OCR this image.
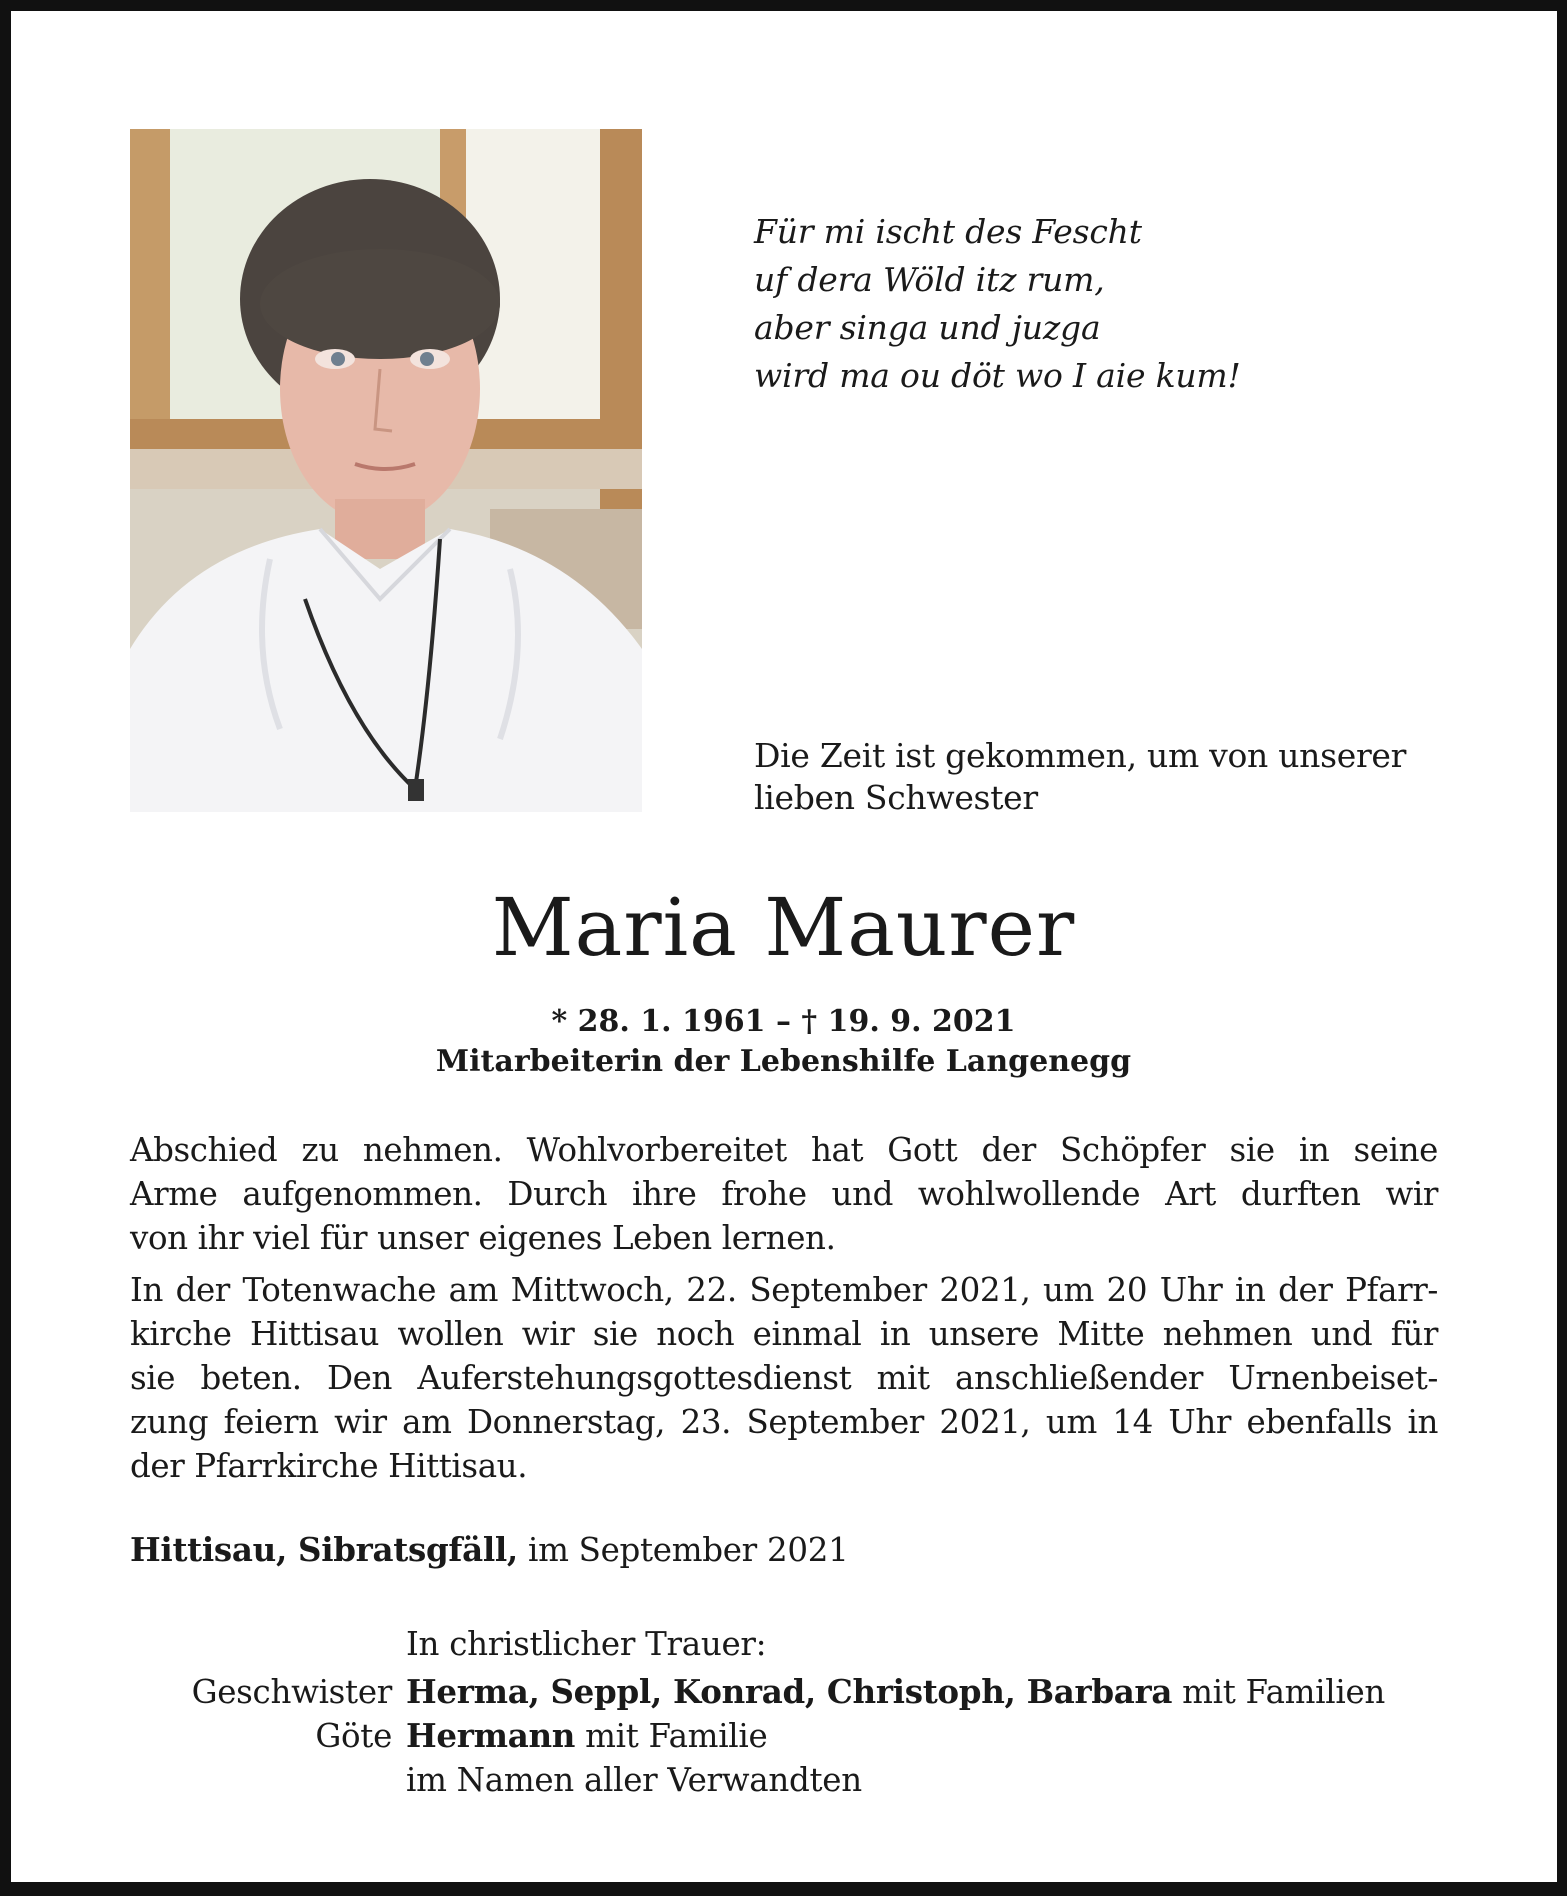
Für mi ischt des Fescht
uf dera Wöld itz rum,
aber singa und juzga
wird ma ou döt wo I aie kum!
Die Zeit ist gekommen, um von unserer
lieben Schwester
Maria Maurer
* 28. 1. 1961 – † 19. 9. 2021
Mitarbeiterin der Lebenshilfe Langenegg

Abschied zu nehmen. Wohlvorbereitet hat Gott der Schöpfer sie in seine
Arme aufgenommen. Durch ihre frohe und wohlwollende Art durften wir
von ihr viel für unser eigenes Leben lernen.

In der Totenwache am Mittwoch, 22. September 2021, um 20 Uhr in der Pfarr-
kirche Hittisau wollen wir sie noch einmal in unsere Mitte nehmen und für
sie beten. Den Auferstehungsgottesdienst mit anschließender Urnenbeiset-
zung feiern wir am Donnerstag, 23. September 2021, um 14 Uhr ebenfalls in
der Pfarrkirche Hittisau.

Hittisau, Sibratsgfäll, im September 2021
In christlicher Trauer:
Geschwister Herma, Seppl, Konrad, Christoph, Barbara mit Familien
Göte Hermann mit Familie
im Namen aller Verwandten
